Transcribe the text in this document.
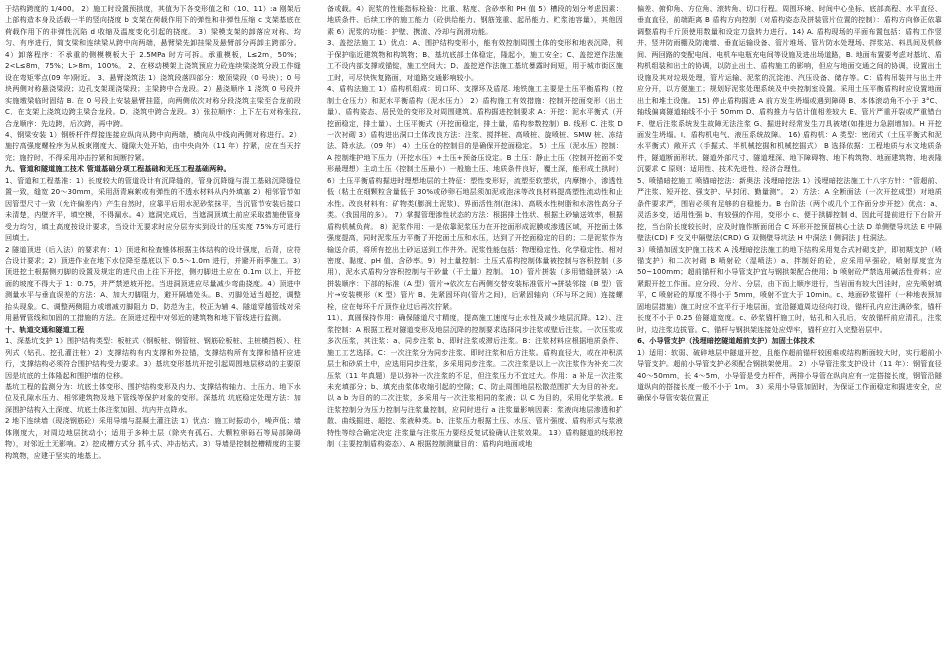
于结构跨度的 1/400。 2）施工时设置预拱度，其值为下各变形值之和（10、11）:a 刚架后上部构造本身及活载一半的竖向挠度 b 支架在荷载作用下的弹性和非弹性压缩 c 支架基底在荷载作用下的非弹性沉陷 d 收缩及温度变化引起的挠度。 3）梁模支架的卸落应对称、均匀、有序进行，简支梁和连续梁从跨中向两端，悬臂梁先卸挂梁及悬臂部分再卸主跨部分。4）卸落程序：不承重的侧模模板大于 2.5MPa 时方可拆。承重模板，L≤2m，50%；2<L≤8m，75%；L>8m，100%。 2、在移动模架上浇筑预应力砼连续梁浇筑分段工作缝设在弯矩零点(09 年)附近。 3、悬臂浇筑法 1）浇筑段落四部分：墩顶梁段（0 号块）；0 号块两侧对称悬浇梁段；边孔支架现浇梁段；主梁跨中合龙段。2）悬浇顺序 1 浇筑 0 号段并实施墩梁临时固结 B. 在 0 号段上安装悬臂挂篮，向两侧依次对称分段浇筑主梁至合龙前段 C．在支架上浇筑边跨主梁合龙段。D．浇筑中跨合龙段。3）张拉顺序：上下左右对称张拉,合龙顺序：先边跨，后次跨，再中跨。

4、钢梁安装 1）钢桥杆件焊接连接应纵向从跨中向两端，横向从中线向两侧对称进行。2）施拧高强度螺栓序为从板束刚度大、缝隙大处开始，由中央向外（11 年）拧紧，应在当天拧完；施拧时，不得采用冲击拧紧和间断拧紧。

九、管道和隧道施工技术 管道基础分项工程基础和无压工程基础两种。

1、管道和工程基准：1）长度较大的管道设计有沉降缝的，管身沉降缝与混工基础沉降缝位置一致，缝宽 20～30mm，采用沥青麻絮或有弹性的不透水材料从内外填塞 2）相邻管节如因管型尺寸一致（允许偏差内）产生自然时，应靠平后用水泥砂浆抹平，当沉管节安装后接口未清楚，内壁齐平，填空模，不得漏水。4）遮洞完成后，当遮洞顶填土前应采取措施使管身受力均匀，填土高度按设计要求，当设计无要求时应分层夯实到设计的压实度 75%方可进行回填土。

2 隧道顶进（后入法）的要求有：1）顶进和检查锥体根据主体结构的设计强度，后背，应符合设计要求；2）顶进作业在地下水位降至基底以下 0.5～1.0m 进行，并避开雨季施工。3）顶进挖土根据侧刃脚的设置及规定的进尺由上往下开挖，侧刃脚进土应在 0.1m 以上，开挖面的坡度不得大于 1：0.75，并严禁逆坡开挖。当进洞顶进应尽量减少弯曲挠度。4）顶进中测量水平与垂直误差的方法：A、加大刃脚阻力，避开隔墙处头。B、刃脚处适当超挖，调整抬头现象。C、调整两侧阻力或增减刃脚阻力 D、防范为主，校正为辅 4、隧道穿越管线对采用悬臂管线和加固的工措施的方法。在顶进过程中对邻近的建筑物和地下管线进行监测。

十、轨道交通和隧道工程

1、深基坑支护 1）围护结构类型：板桩式（钢板桩、钢管桩、钢筋砼板桩、主桩横挡板）、柱列式（钻孔、挖孔灌注桩）2）支撑结构有内支撑和外拉锚，支撑结构所有支撑和锚杆应进行，支撑结构必须符合围护结构受力要求。3）基坑变形基坑开挖引起周围地层移动的主要原因是坑底的土体隆起和围护墙的位移。

基坑工程的监测分为：坑底土体变形、围护结构变形及内力、支撑结构轴力、土压力、地下水位及孔隙水压力、相邻建筑物及地下管线等保护对象的变形。深基坑 坑底稳定处理方法：加深围护结构入土深度、坑底土体注浆加固、坑内井点降水。

2 地下连续墙（现浇钢筋砼）采用导墙与混凝土灌注法 1）优点：施工时振动小，噪声低；墙体刚度大，对周边地层扰动小；适用于多种土层（除夹有孤石、大颗粒卵砾石等局部障碍物），对邻近土无影响。2）挖成槽方式分 抓斗式、冲击钻式。3）导墙是控制挖槽精度的主要构筑物，应建于坚实的地基上。

备或载。4）泥浆的性能指标检验：比重、粘度、含砂率和 PH 值 5）槽段的划分考虑因素：地质条件、后续工序的施工能力（砼供给能力、钢筋笼重、起吊能力、贮浆池容量），其他因素 6）泥浆的功能：护壁、携渣、冷却与润滑功能。

3、盖挖法施工 1）优点：A、围护结构变形小，能有效控制周围土体的变形和地表沉降，利于保护临近建筑物和构筑物；B、基坑底部土体稳定，隆起小，施工安全；C、盖挖逆作法施工不设内部支撑或锚锭，施工空间大；D、盖挖逆作法施工基坑暴露时间短，用于城市街区施工时，可尽快恢复路面，对道路交通影响较小。

4、盾构法施工 1）盾构机组成：切口环、支撑环及盾尾. 地铁施工主要是土压平衡盾构（控制土仓压力）和泥水平衡盾构（泥水压力） 2）盾构施工有效措施：控制开挖面变形（出土量）、盾构姿态、居民处的变形及对周围建筑。盾构掘进控制要求 A：开挖：泥水平衡式（开挖面稳定，排土量）、土压平衡式（开挖面稳定，排土量，盾构参数控制）B. 线形 C. 注浆 D 一次衬砌 3）盾构进出洞口土体改良方法：注浆、搅拌桩、高喷桩、旋喷桩、SMW 桩、冻结法、降水法。（09 年） 4）土压仓的控制目的是确保开挖面稳定。 5）土压（泥水压）控制：A 控制维护地下压力（开挖水压）+土压+预备压设定。B 土压：静止土压（控制开挖面不变形最理想）主动土压（控制土压最小）一般施土压、地质条件良好，覆土深，能形成土拱时） 6）土压平衡盾构掘进时理想地层的土特征：塑性变形好，流塑至软塑状，内摩擦小，渗透性低（粘土在细颗粒含量低于 30%或砂卵石地层须加泥或泡沫等改良材料提高塑性流动性和止水性。改良材料有：矿物类(膨润土泥浆)、界面活性剂(泡沫)、高吸水性树脂和水溶性高分子类。（我国用的多）。 7）掌握管理渗性状态的方法：根据排土性状、根据土砂输送效率，根据盾构机械负荷。 8）泥浆作用：一是依靠泥浆压力在开挖面形成泥膜或渗透区域，开挖面土体强度提高，同时泥浆压力平衡了开挖面土压和水压，达到了开挖面稳定的目的；二是泥浆作为输送介质，将所有挖出土砂运送到工作井外。泥浆性能包括：物理稳定性、化学稳定性、相对密度、黏度、pH 值、含砂率。9）衬土量控制：土压式盾构控制体量被控制与容积控制（多用），泥水式盾构分容积控制与干砂量（干土量）控制。 10）管片拼装（多用错缝拼装）:A 拼装顺序：下部的标准（A 型）管片→依次左右两侧交替安装标准管片→拼装邻接（B 型）管片→安装楔形（K 型）管片 B、先紧固环向(管片之间)，后紧固轴向（环与环之间）连接螺栓，应在每环千斤顶作业过后再次拧紧。

11）、真圆保持作用：确保隧道尺寸精度，提高施工速度与止水性及减少地层沉降。12）、注浆控制：A 根据工程对隧道变形及地层沉降的控制要求选择同步注浆或壁后注浆。一次压浆或多次压浆，其注浆：a、同步注浆 b、即时注浆或滞后注浆。B：注浆材料应根据地质条件、施工工艺选择。C：一次注浆分为同步注浆、即时注浆和后方注浆。盾构直径大，或在冲积洪层土和砂质土中，应选用同步注浆，多采用同步注浆。二次注浆是以上一次注浆作为补充二次压浆（11 年真题）是以弥补一次注浆的不足，但注浆压力不宜过大。作用：a 补足一次注浆未充填部分；b、填充由浆体收缩引起的空隙；C、防止周围地层松散范围扩大为目的补充。以 a b 为目的的二次注浆，多采用与一次注浆相同的浆液；以 C 为目的，采用化学浆液。E 注浆控制分为压力控制与注浆量控制，应同时进行 a 注浆量影响因素：浆液向地层渗透和扩散、曲线掘进、超挖、浆液种类。b、注浆压力根据土压、水压、管片强度、盾构形式与浆液特性等综合确定决定 注浆量与注浆压力要经反复试验确认注浆效果。 13）盾构隧道的线形控制（主要控制盾构姿态）、A 根据控制测量目的：盾构向地面或地

偏差、俯仰角、方位角、滚转角、切口行程。周围环境、时间中心坐标、底部高程、水平直径、垂直直径，前端距离 B 盾构方向控制（对盾构姿态及拼装管片位置的控制）：盾构方向修正依靠调整盾构千斤顶使用数量和设定刀盘转力进行。14) A. 盾构现场的平面布置包括：盾构工作竖井、竖井防雨棚及防淹墙、垂直运输设备、管片堆场、管片防水处理场、拌浆站、料具间及机修间、两回路的变配电间、电机车电瓶充电间等设施及进出场道路，B. 地面布置要考虑对基坑、盾构机组装和出土的协调，以防止出土、盾构施工的影响，但应与地面交通之间的协调，设置出土设施及其对垃圾处理，管片运输、泥浆的沉淀池、汽压设备、储存等。C：盾构吊装井与出土井应分开，以方便施工；规划好泥浆处理系统及中央控制室设置。采用土压平衡盾构时应设置地面出土和堆土设施。 15) 停止盾构掘进 A 前方发生坍塌或遇到障碍 B、本体滚动角不小于 3°C、轴线偏离隧道轴线不小于 50mm D、盾构推力与估计值相差较大 E、管片严重开裂或严重错台 F、壁后注浆系统发生故障无法注浆 G、掘进时经常发生刀具被堵(如推进力急剧增加)。H 开挖面发生坍塌。I、盾构机电气、液压系统故障。 16) 盾构机：A 类型：密闭式（土压平衡式和泥水平衡式）敞开式（手掘式、半机械挖掘和机械挖掘式） B 选择依据：工程地质与水文地质条件，隧道断面形状、隧道外部尺寸、隧道埋深、地下障碍物、地下构筑物、地面建筑物、地表隆沉要求 C 原则：适用性、技术先进性、经济合理性。

5、喷锚暗挖施工 喷锚暗挖法：新奥法 浅埋暗挖法 1）浅埋暗挖法施工十八字方针：“管超前、严注浆、短开挖、强支护、早封闭、勤量测”。 2）方法：A 全断面法（一次开挖成型）对地质条件要求严，围岩必须有足够的自稳能力。B 台阶法（两个或几个工作面分步开挖）优点：a、灵活多变，适用性强 b、有较强的作用，变形小 c、便于拱脚控制 d、因此可提前进行下台阶开挖，当台阶长度较长时，应及时施作断面闭合 C 环形开挖预留核心土法 D 单侧壁导坑法 E 中隔壁法(CD) F 交叉中隔壁法(CRD) G 双侧壁导坑法 H 中洞法 I 侧洞法 J 柱洞法。

3）喷锚加固支护施工技术 A 浅埋暗挖法施工的地下结构采用复合式衬砌支护，即初期支护（喷锚支护）和二次衬砌 B 喷射砼（湿喷法）a、拌制好的砼，应采用早强砼，喷射厚度宜为 50~100mm；超前锚杆和小导管支护宜与钢拱架配合使用；b 喷射砼严禁选用碱活性骨料；应紧跟开挖工作面。应分段、分片、分层，由下而上顺序进行，当岩面有较大凹洼时，应先喷射填平，C 喷射砼的厚度不得小于 5mm，喷射不宜大于 10min。c、地面砂浆锚杆（一种地表预加固地层措施）施工时应不宜平行于地层面，宜沿隧道周边径向打设，锚杆孔内应注满砂浆，锚杆长度不小于 0.25 倍隧道宽度。c、砂浆锚杆施工时，钻孔和入孔后，安放锚杆前应清孔，注浆时，边注浆边拔管。C、锚杆与钢拱架连接处应焊牢，锚杆应打入完整岩层中。

6、小导管支护（浅埋暗挖隧道超前支护）加固土体技术

1）适用：软弱、破碎地层中隧道开挖，且能作超前锚杆较困难或结构断面较大时，实行超前小导管支护。超前小导管支护必须配合钢拱架使用。 2）小导管注浆支护设计（11 年）：钢管直径 40～50mm，长 4～5m，小导管是受力杆件，两排小导管在纵向应有一定搭接长度，钢管沿隧道纵向的搭接长度一般不小于 1m。 3）采用小导管加固时，为保证工作面稳定和掘进安全，应确保小导管安装位置正
